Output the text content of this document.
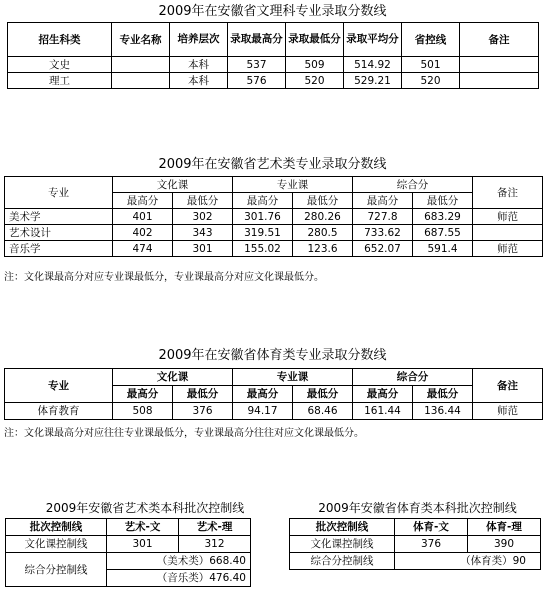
2009年在安徽省文理科专业录取分数线
招生科类	专业名称	培养层次	录取最高分	录取最低分	录取平均分	省控线	备注
文史		本科	537	509	514.92	501	
理工		本科	576	520	529.21	520	
2009年在安徽省艺术类专业录取分数线
专业	文化课		专业课		综合分		备注
	最高分	最低分	最高分	最低分	最高分	最低分	
美术学	401	302	301.76	280.26	727.8	683.29	师范
艺术设计	402	343	319.51	280.5	733.62	687.55	
音乐学	474	301	155.02	123.6	652.07	591.4	师范
注：文化课最高分对应专业课最低分，专业课最高分对应文化课最低分。
2009年在安徽省体育类专业录取分数线
专业	文化课		专业课		综合分		备注
	最高分	最低分	最高分	最低分	最高分	最低分	
体育教育	508	376	94.17	68.46	161.44	136.44	师范
注：文化课最高分对应往往专业课最低分，专业课最高分往往对应文化课最低分。
2009年安徽省艺术类本科批次控制线
批次控制线	艺术-文	艺术-理
文化课控制线	301	312
综合分控制线	（美术类）668.40	
	（音乐类）476.40	
2009年安徽省体育类本科批次控制线
批次控制线	体育-文	体育-理
文化课控制线	376	390
综合分控制线	（体育类）90	
